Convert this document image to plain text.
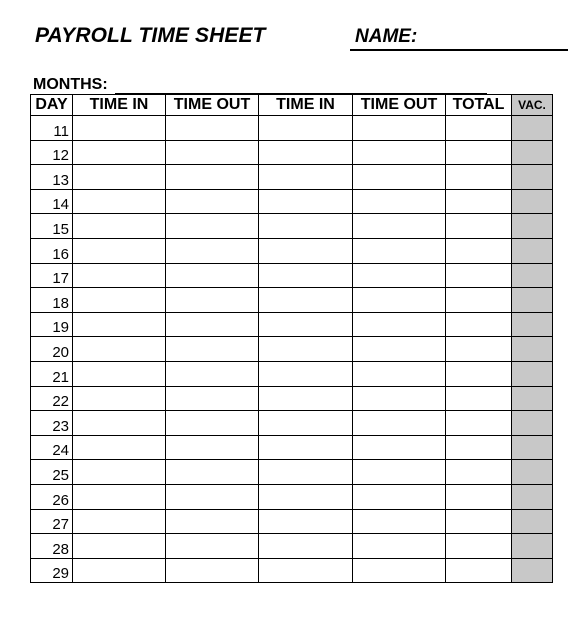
PAYROLL TIME SHEET	NAME:
MONTHS:
DAY	TIME IN	TIME OUT	TIME IN	TIME OUT	TOTAL	VAC.
11						
12						
13						
14						
15						
16						
17						
18						
19						
20						
21						
22						
23						
24						
25						
26						
27						
28						
29						
